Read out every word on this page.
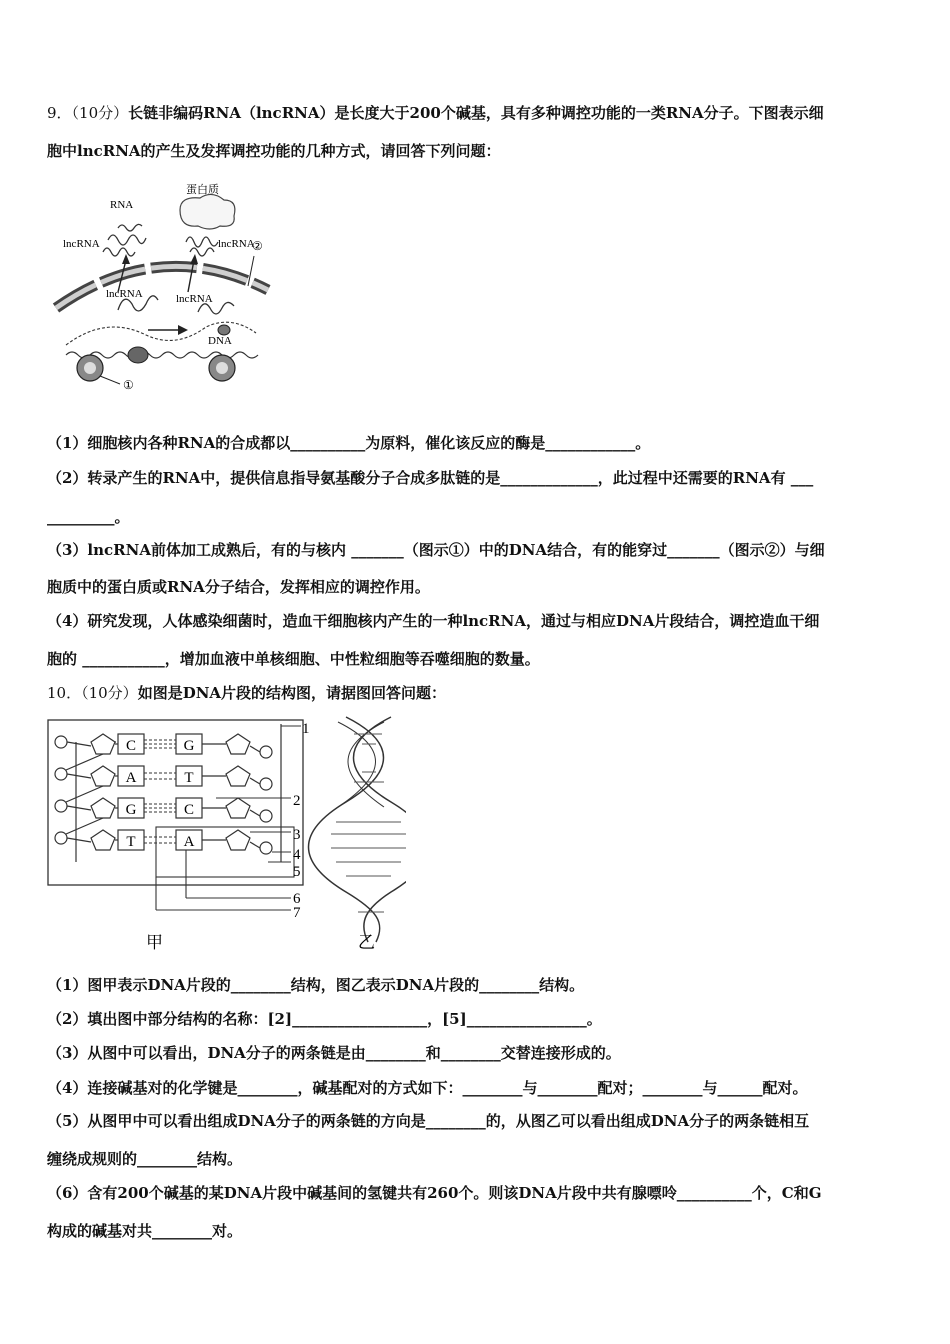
9．（10分）长链非编码RNA（lncRNA）是长度大于200个碱基，具有多种调控功能的一类RNA分子。下图表示细
胞中lncRNA的产生及发挥调控功能的几种方式，请回答下列问题：
RNA
蛋白质
lncRNA	lncRNA
lncRNA	lncRNA
DNA
①
②
（1）细胞核内各种RNA的合成都以__________为原料，催化该反应的酶是____________。
（2）转录产生的RNA中，提供信息指导氨基酸分子合成多肽链的是_____________，此过程中还需要的RNA有 ___
_________。
（3）lncRNA前体加工成熟后，有的与核内 _______（图示①）中的DNA结合，有的能穿过_______（图示②）与细
胞质中的蛋白质或RNA分子结合，发挥相应的调控作用。
（4）研究发现，人体感染细菌时，造血干细胞核内产生的一种lncRNA，通过与相应DNA片段结合，调控造血干细
胞的 ___________，增加血液中单核细胞、中性粒细胞等吞噬细胞的数量。
10．（10分）如图是DNA片段的结构图，请据图回答问题：
C
A
G
T
G
T
C
A
1
2
3
4
5
6
7
甲	乙
（1）图甲表示DNA片段的________结构，图乙表示DNA片段的________结构。
（2）填出图中部分结构的名称：[2]__________________，[5]________________。
（3）从图中可以看出，DNA分子的两条链是由________和________交替连接形成的。
（4）连接碱基对的化学键是________，碱基配对的方式如下：________与________配对；________与______配对。
（5）从图甲中可以看出组成DNA分子的两条链的方向是________的，从图乙可以看出组成DNA分子的两条链相互
缠绕成规则的________结构。
（6）含有200个碱基的某DNA片段中碱基间的氢键共有260个。则该DNA片段中共有腺嘌呤__________个，C和G
构成的碱基对共________对。
